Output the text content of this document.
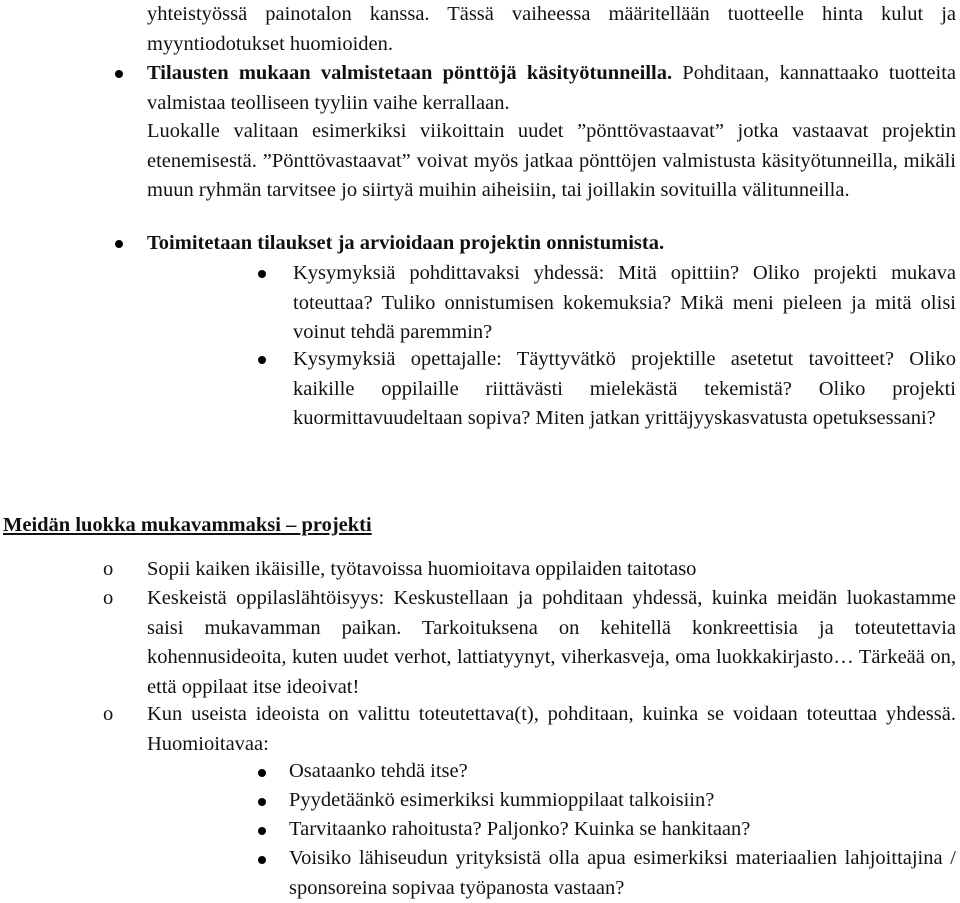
yhteistyössä painotalon kanssa. Tässä vaiheessa määritellään tuotteelle hinta kulut ja myyntiodotukset huomioiden.

Tilausten mukaan valmistetaan pönttöjä käsityötunneilla. Pohditaan, kannattaako tuotteita valmistaa teolliseen tyyliin vaihe kerrallaan.

Luokalle valitaan esimerkiksi viikoittain uudet ”pönttövastaavat” jotka vastaavat projektin etenemisestä. ”Pönttövastaavat” voivat myös jatkaa pönttöjen valmistusta käsityötunneilla, mikäli muun ryhmän tarvitsee jo siirtyä muihin aiheisiin, tai joillakin sovituilla välitunneilla.

Toimitetaan tilaukset ja arvioidaan projektin onnistumista.

Kysymyksiä pohdittavaksi yhdessä: Mitä opittiin? Oliko projekti mukava toteuttaa? Tuliko onnistumisen kokemuksia? Mikä meni pieleen ja mitä olisi voinut tehdä paremmin?

Kysymyksiä opettajalle: Täyttyvätkö projektille asetetut tavoitteet? Oliko kaikille oppilaille riittävästi mielekästä tekemistä? Oliko projekti kuormittavuudeltaan sopiva? Miten jatkan yrittäjyyskasvatusta opetuksessani?

Meidän luokka mukavammaksi – projekti
o Sopii kaiken ikäisille, työtavoissa huomioitava oppilaiden taitotaso

o Keskeistä oppilaslähtöisyys: Keskustellaan ja pohditaan yhdessä, kuinka meidän luokastamme saisi mukavamman paikan. Tarkoituksena on kehitellä konkreettisia ja toteutettavia kohennusideoita, kuten uudet verhot, lattiatyynyt, viherkasveja, oma luokkakirjasto… Tärkeää on, että oppilaat itse ideoivat!

o Kun useista ideoista on valittu toteutettava(t), pohditaan, kuinka se voidaan toteuttaa yhdessä. Huomioitavaa:

Osataanko tehdä itse?

Pyydetäänkö esimerkiksi kummioppilaat talkoisiin?

Tarvitaanko rahoitusta? Paljonko? Kuinka se hankitaan?

Voisiko lähiseudun yrityksistä olla apua esimerkiksi materiaalien lahjoittajina / sponsoreina sopivaa työpanosta vastaan?
